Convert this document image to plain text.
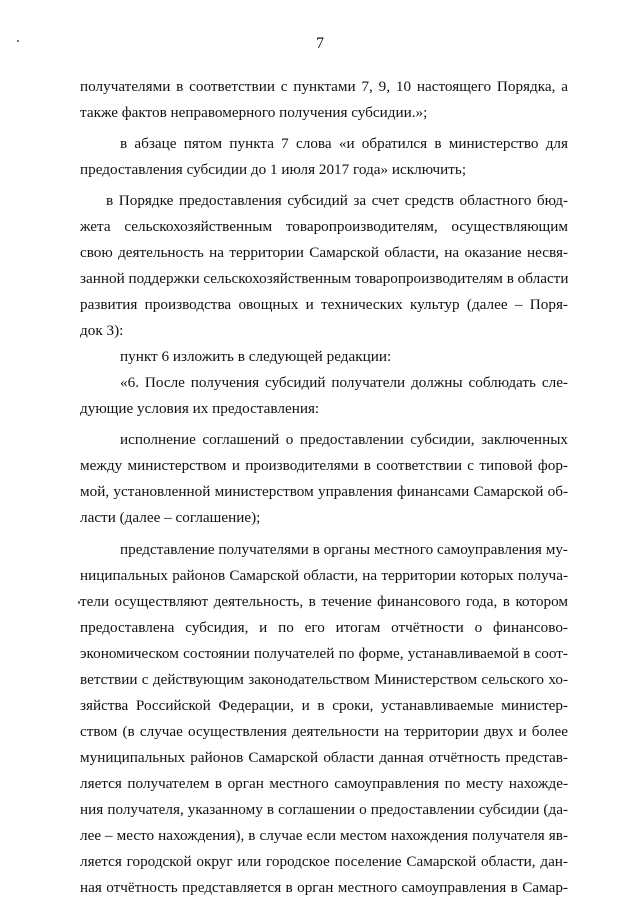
7
получателями в соответствии с пунктами 7, 9, 10 настоящего Порядка, а
также фактов неправомерного получения субсидии.»;
в абзаце пятом пункта 7 слова «и обратился в министерство для
предоставления субсидии до 1 июля 2017 года» исключить;
в Порядке предоставления субсидий за счет средств областного бюд-
жета сельскохозяйственным товаропроизводителям, осуществляющим
свою деятельность на территории Самарской области, на оказание несвя-
занной поддержки сельскохозяйственным товаропроизводителям в области
развития производства овощных и технических культур (далее – Поря-
док 3):
пункт 6 изложить в следующей редакции:
«6. После получения субсидий получатели должны соблюдать сле-
дующие условия их предоставления:
исполнение соглашений о предоставлении субсидии, заключенных
между министерством и производителями в соответствии с типовой фор-
мой, установленной министерством управления финансами Самарской об-
ласти (далее – соглашение);
представление получателями в органы местного самоуправления му-
ниципальных районов Самарской области, на территории которых получа-
тели осуществляют деятельность, в течение финансового года, в котором
предоставлена субсидия, и по его итогам отчётности о финансово-
экономическом состоянии получателей по форме, устанавливаемой в соот-
ветствии с действующим законодательством Министерством сельского хо-
зяйства Российской Федерации, и в сроки, устанавливаемые министер-
ством (в случае осуществления деятельности на территории двух и более
муниципальных районов Самарской области данная отчётность представ-
ляется получателем в орган местного самоуправления по месту нахожде-
ния получателя, указанному в соглашении о предоставлении субсидии (да-
лее – место нахождения), в случае если местом нахождения получателя яв-
ляется городской округ или городское поселение Самарской области, дан-
ная отчётность представляется в орган местного самоуправления в Самар-
